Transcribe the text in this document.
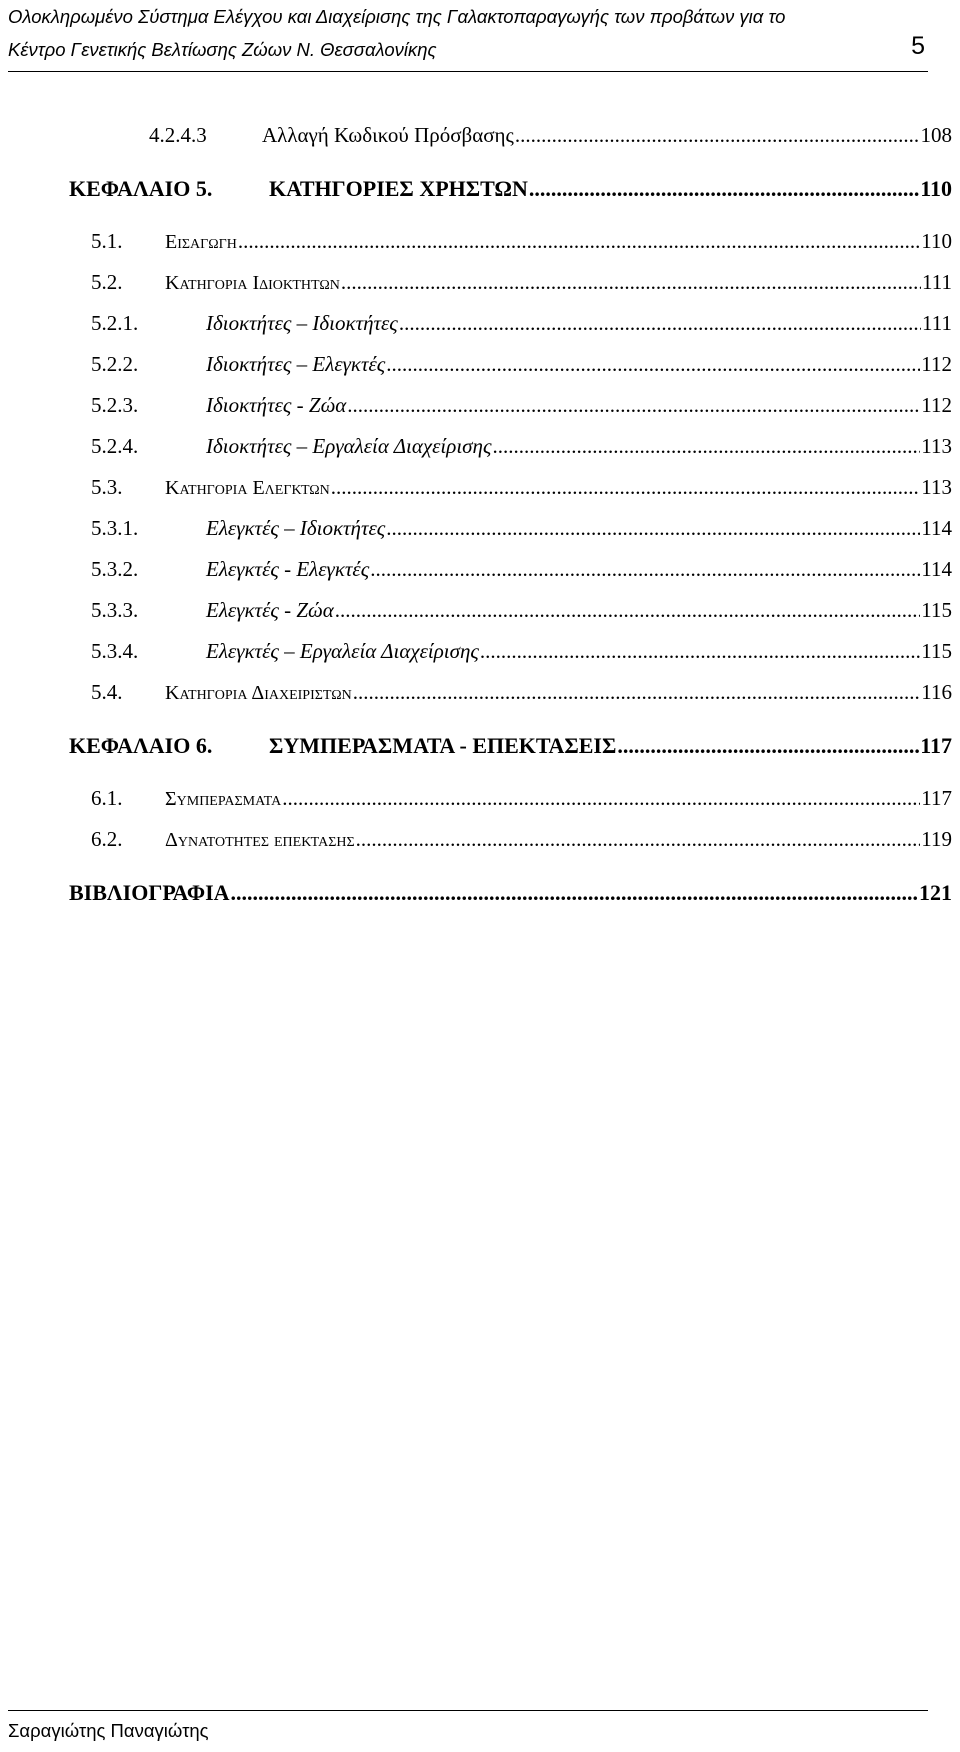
Ολοκληρωμένο Σύστημα Ελέγχου και Διαχείρισης της Γαλακτοπαραγωγής των προβάτων για το
Κέντρο Γενετικής Βελτίωσης Ζώων Ν. Θεσσαλονίκης	5
4.2.4.3	Αλλαγή Κωδικού Πρόσβασης .....	108
ΚΕΦΑΛΑΙΟ 5.	ΚΑΤΗΓΟΡΙΕΣ ΧΡΗΣΤΩΝ .....	110
5.1.	Εισαγωγη .....	110
5.2.	Κατηγορια Ιδιοκτητων .....	111
5.2.1.	Ιδιοκτήτες – Ιδιοκτήτες .....	111
5.2.2.	Ιδιοκτήτες – Ελεγκτές .....	112
5.2.3.	Ιδιοκτήτες - Ζώα .....	112
5.2.4.	Ιδιοκτήτες – Εργαλεία Διαχείρισης .....	113
5.3.	Κατηγορια Ελεγκτων .....	113
5.3.1.	Ελεγκτές – Ιδιοκτήτες .....	114
5.3.2.	Ελεγκτές - Ελεγκτές .....	114
5.3.3.	Ελεγκτές - Ζώα .....	115
5.3.4.	Ελεγκτές – Εργαλεία Διαχείρισης .....	115
5.4.	Κατηγορια Διαχειριστων .....	116
ΚΕΦΑΛΑΙΟ 6.	ΣΥΜΠΕΡΑΣΜΑΤΑ - ΕΠΕΚΤΑΣΕΙΣ .....	117
6.1.	Συμπερασματα .....	117
6.2.	Δυνατοτητες επεκτασης .....	119
ΒΙΒΛΙΟΓΡΑΦΙΑ .....	121
Σαραγιώτης Παναγιώτης
